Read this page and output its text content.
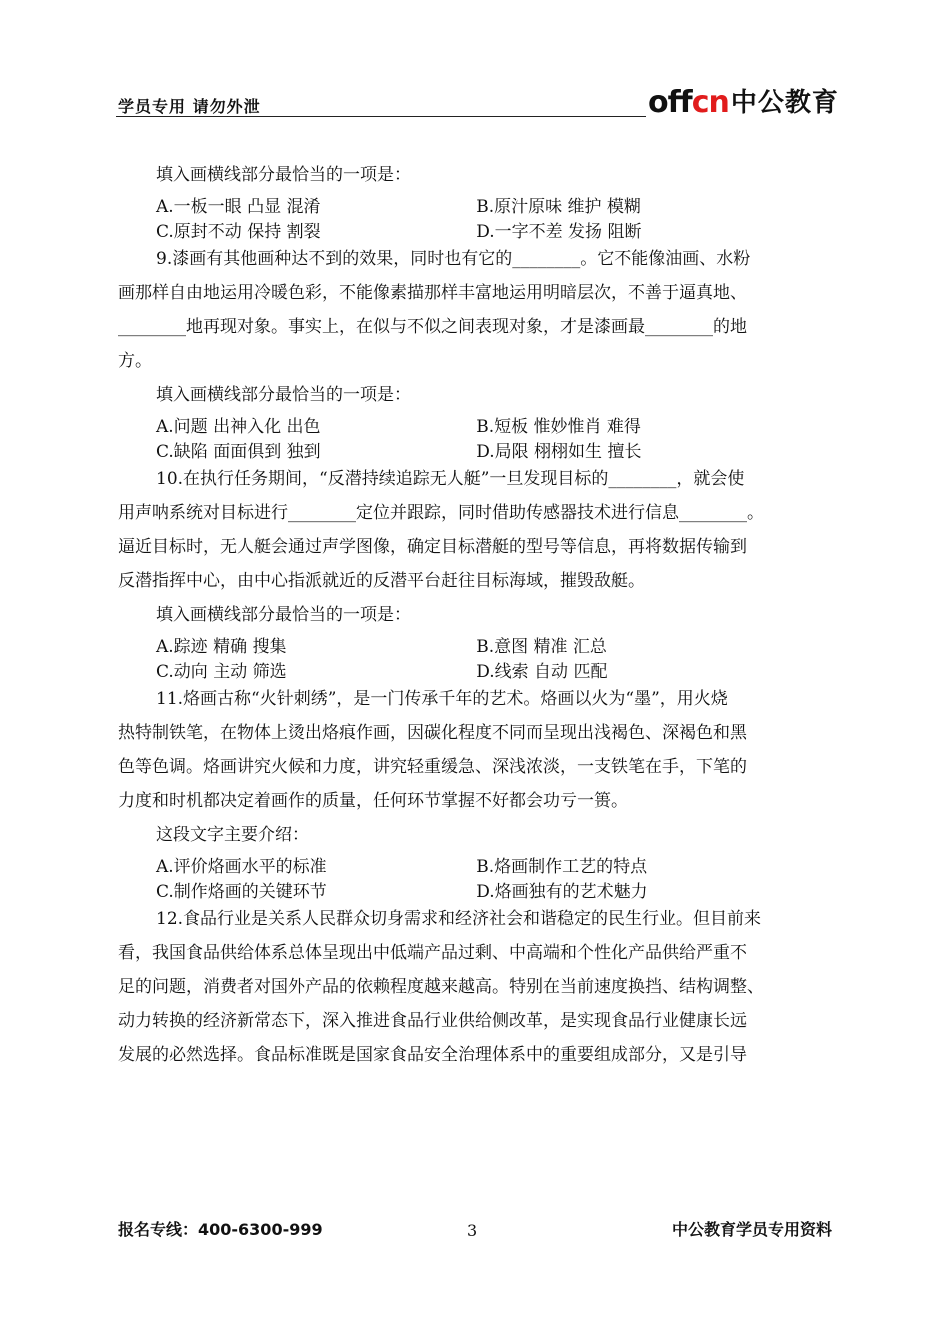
学员专用 请勿外泄	offcn 中公教育
填入画横线部分最恰当的一项是：
A.一板一眼 凸显 混淆	B.原汁原味 维护 模糊
C.原封不动 保持 割裂	D.一字不差 发扬 阻断
9.漆画有其他画种达不到的效果，同时也有它的________。它不能像油画、水粉
画那样自由地运用冷暖色彩，不能像素描那样丰富地运用明暗层次，不善于逼真地、
________地再现对象。事实上，在似与不似之间表现对象，才是漆画最________的地
方。
填入画横线部分最恰当的一项是：
A.问题 出神入化 出色	B.短板 惟妙惟肖 难得
C.缺陷 面面俱到 独到	D.局限 栩栩如生 擅长
10.在执行任务期间，“反潜持续追踪无人艇”一旦发现目标的________，就会使
用声呐系统对目标进行________定位并跟踪，同时借助传感器技术进行信息________。
逼近目标时，无人艇会通过声学图像，确定目标潜艇的型号等信息，再将数据传输到
反潜指挥中心，由中心指派就近的反潜平台赶往目标海域，摧毁敌艇。
填入画横线部分最恰当的一项是：
A.踪迹 精确 搜集	B.意图 精准 汇总
C.动向 主动 筛选	D.线索 自动 匹配
11.烙画古称“火针刺绣”，是一门传承千年的艺术。烙画以火为“墨”，用火烧
热特制铁笔，在物体上烫出烙痕作画，因碳化程度不同而呈现出浅褐色、深褐色和黑
色等色调。烙画讲究火候和力度，讲究轻重缓急、深浅浓淡，一支铁笔在手，下笔的
力度和时机都决定着画作的质量，任何环节掌握不好都会功亏一篑。
这段文字主要介绍：
A.评价烙画水平的标准	B.烙画制作工艺的特点
C.制作烙画的关键环节	D.烙画独有的艺术魅力
12.食品行业是关系人民群众切身需求和经济社会和谐稳定的民生行业。但目前来
看，我国食品供给体系总体呈现出中低端产品过剩、中高端和个性化产品供给严重不
足的问题，消费者对国外产品的依赖程度越来越高。特别在当前速度换挡、结构调整、
动力转换的经济新常态下，深入推进食品行业供给侧改革，是实现食品行业健康长远
发展的必然选择。食品标准既是国家食品安全治理体系中的重要组成部分，又是引导
报名专线：400-6300-999	3	中公教育学员专用资料
